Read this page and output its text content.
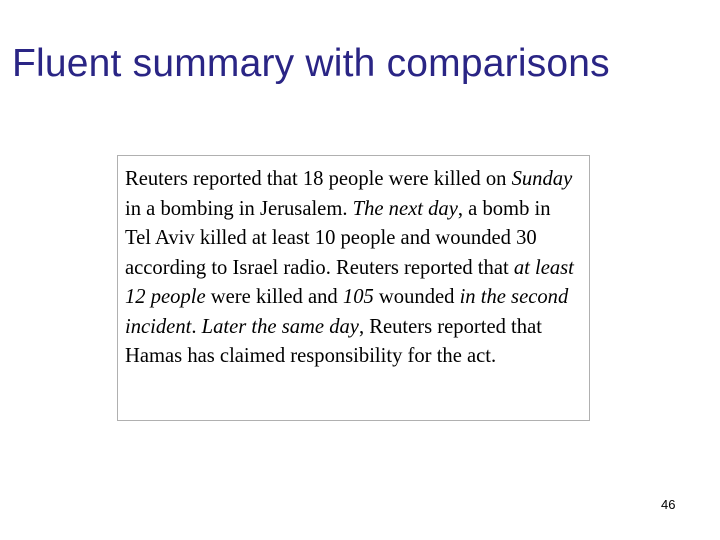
Fluent summary with comparisons
Reuters reported that 18 people were killed on Sunday in a bombing in Jerusalem. The next day, a bomb in Tel Aviv killed at least 10 people and wounded 30 according to Israel radio. Reuters reported that at least 12 people were killed and 105 wounded in the second incident. Later the same day, Reuters reported that Hamas has claimed responsibility for the act.
46
